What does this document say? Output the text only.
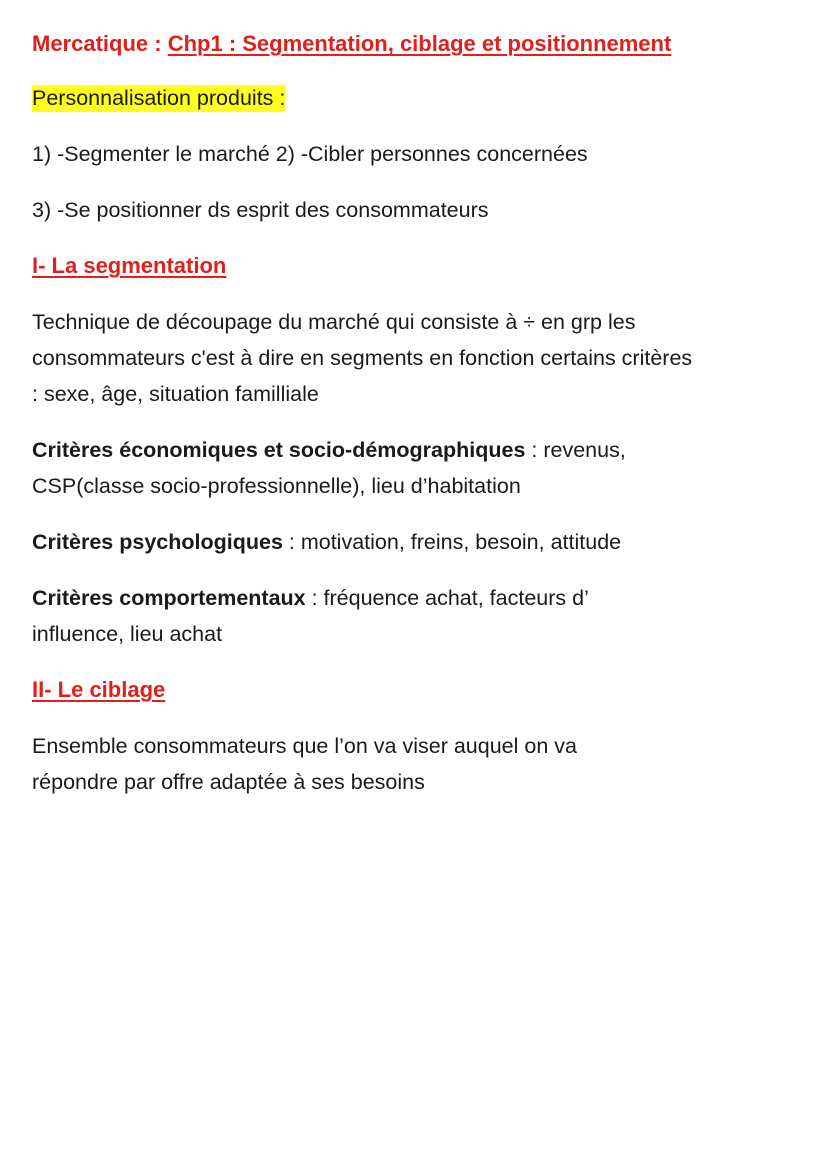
Mercatique : Chp1 : Segmentation, ciblage et positionnement

Personnalisation produits :

1) -Segmenter le marché 2) -Cibler personnes concernées

3) -Se positionner ds esprit des consommateurs

I- La segmentation

Technique de découpage du marché qui consiste à ÷ en grp les consommateurs c'est à dire en segments en fonction certains critères : sexe, âge, situation familliale

Critères économiques et socio-démographiques : revenus, CSP(classe socio-professionnelle), lieu d’habitation

Critères psychologiques : motivation, freins, besoin, attitude

Critères comportementaux : fréquence achat, facteurs d’ influence, lieu achat

II- Le ciblage

Ensemble consommateurs que l’on va viser auquel on va répondre par offre adaptée à ses besoins
